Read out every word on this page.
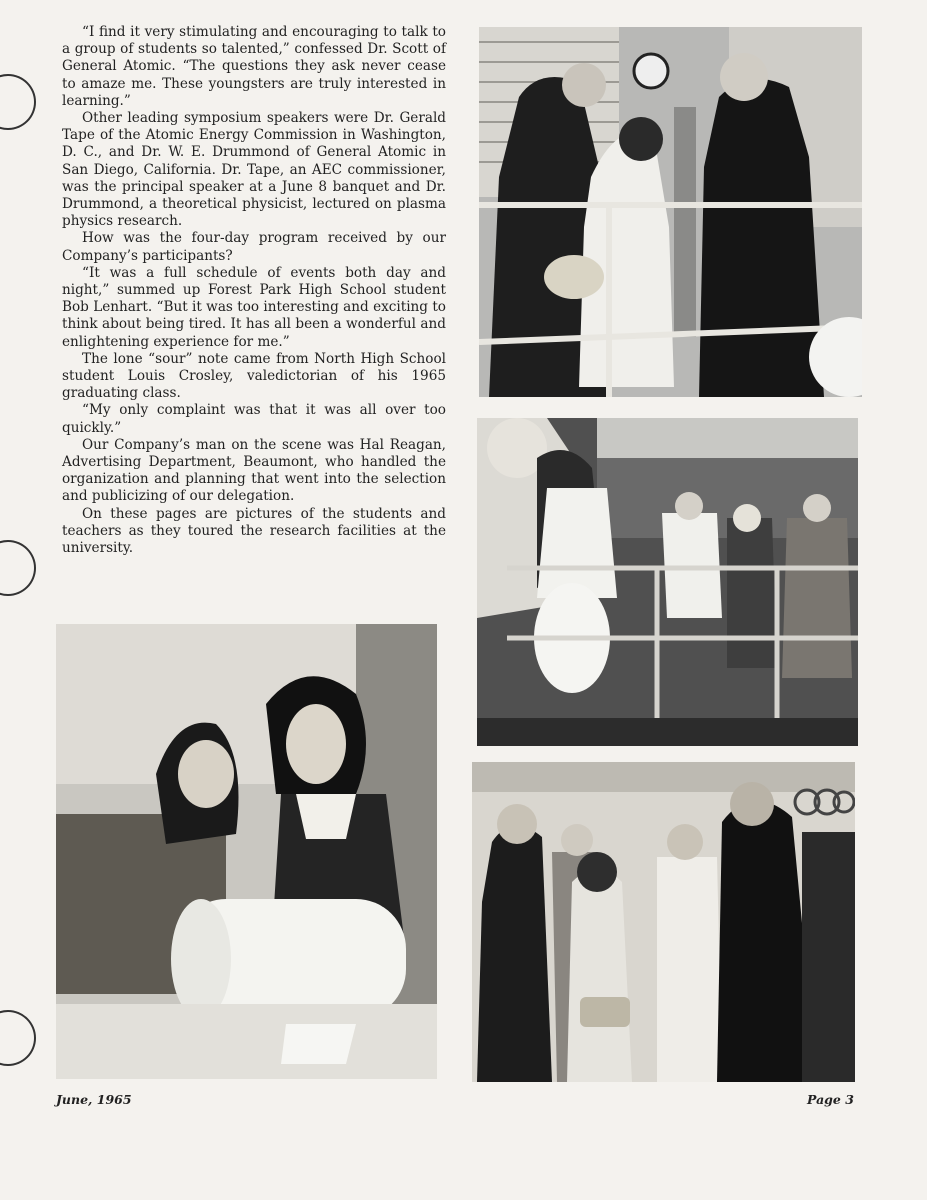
“I find it very stimulating and encouraging to talk to a group of students so talented,” confessed Dr. Scott of General Atomic. “The questions they ask never cease to amaze me. These youngsters are truly interested in learning.”

Other leading symposium speakers were Dr. Gerald Tape of the Atomic Energy Commission in Washington, D. C., and Dr. W. E. Drummond of General Atomic in San Diego, California. Dr. Tape, an AEC commissioner, was the principal speaker at a June 8 banquet and Dr. Drummond, a theoretical physicist, lectured on plasma physics research.

How was the four-day program received by our Company’s participants?

“It was a full schedule of events both day and night,” summed up Forest Park High School student Bob Lenhart. “But it was too interesting and exciting to think about being tired. It has all been a wonderful and enlightening experience for me.”

The lone “sour” note came from North High School student Louis Crosley, valedictorian of his 1965 graduating class.

“My only complaint was that it was all over too quickly.”

Our Company’s man on the scene was Hal Reagan, Advertising Department, Beaumont, who handled the organization and planning that went into the selection and publicizing of our delegation.

On these pages are pictures of the students and teachers as they toured the research facilities at the university.

June, 1965	Page 3
